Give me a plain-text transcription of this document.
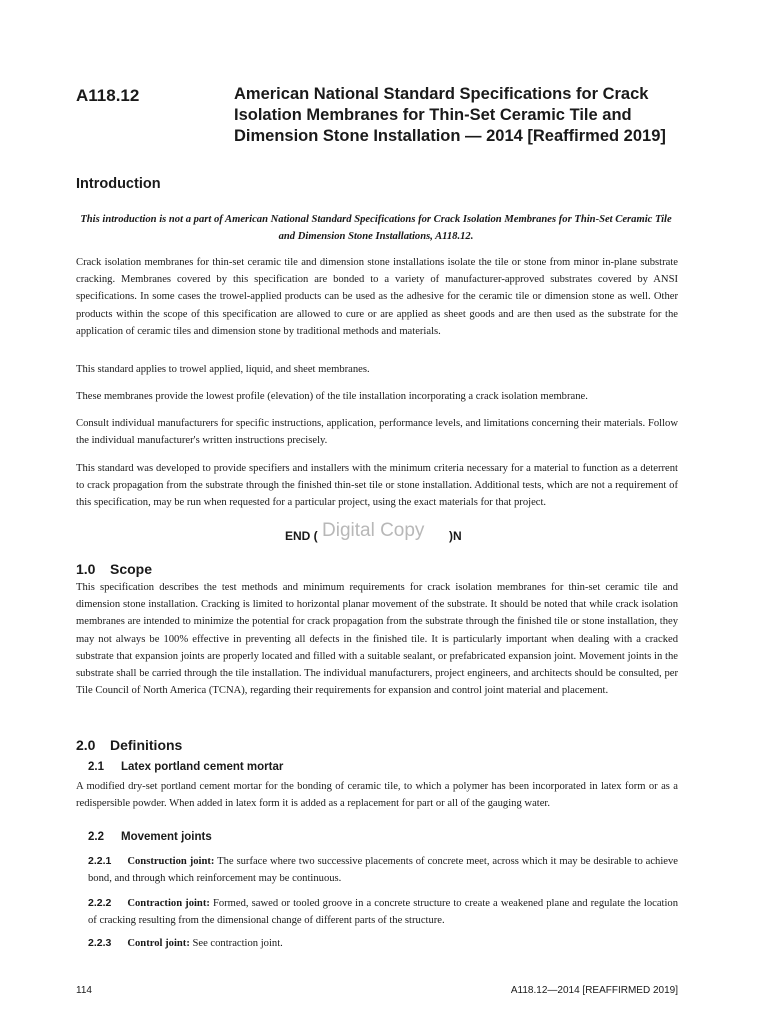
A118.12	American National Standard Specifications for Crack Isolation Membranes for Thin-Set Ceramic Tile and Dimension Stone Installation — 2014 [Reaffirmed 2019]
Introduction
This introduction is not a part of American National Standard Specifications for Crack Isolation Membranes for Thin-Set Ceramic Tile and Dimension Stone Installations, A118.12.

Crack isolation membranes for thin-set ceramic tile and dimension stone installations isolate the tile or stone from minor in-plane substrate cracking. Membranes covered by this specification are bonded to a variety of manufacturer-approved substrates covered by ANSI specifications. In some cases the trowel-applied products can be used as the adhesive for the ceramic tile or dimension stone as well. Other products within the scope of this specification are allowed to cure or are applied as sheet goods and are then used as the substrate for the application of ceramic tiles and dimension stone by traditional methods and materials.

This standard applies to trowel applied, liquid, and sheet membranes.

These membranes provide the lowest profile (elevation) of the tile installation incorporating a crack isolation membrane.

Consult individual manufacturers for specific instructions, application, performance levels, and limitations concerning their materials. Follow the individual manufacturer's written instructions precisely.

This standard was developed to provide specifiers and installers with the minimum criteria necessary for a material to function as a deterrent to crack propagation from the substrate through the finished thin-set tile or stone installation. Additional tests, which are not a requirement of this specification, may be run when requested for a particular project, using the exact materials for that project.

END (	)N
Digital Copy
1.0 Scope

This specification describes the test methods and minimum requirements for crack isolation membranes for thin-set ceramic tile and dimension stone installation. Cracking is limited to horizontal planar movement of the substrate. It should be noted that while crack isolation membranes are intended to minimize the potential for crack propagation from the substrate through the finished tile or stone installation, they may not always be 100% effective in preventing all defects in the finished tile. It is particularly important when dealing with a cracked substrate that expansion joints are properly located and filled with a suitable sealant, or prefabricated expansion joint. Movement joints in the substrate shall be carried through the tile installation. The individual manufacturers, project engineers, and architects should be consulted, per Tile Council of North America (TCNA), regarding their requirements for expansion and control joint material and placement.

2.0 Definitions
2.1 Latex portland cement mortar

A modified dry-set portland cement mortar for the bonding of ceramic tile, to which a polymer has been incorporated in latex form or as a redispersible powder. When added in latex form it is added as a replacement for part or all of the gauging water.

2.2 Movement joints

2.2.1 Construction joint: The surface where two successive placements of concrete meet, across which it may be desirable to achieve bond, and through which reinforcement may be continuous.

2.2.2 Contraction joint: Formed, sawed or tooled groove in a concrete structure to create a weakened plane and regulate the location of cracking resulting from the dimensional change of different parts of the structure.

2.2.3 Control joint: See contraction joint.

114	A118.12—2014 [REAFFIRMED 2019]
